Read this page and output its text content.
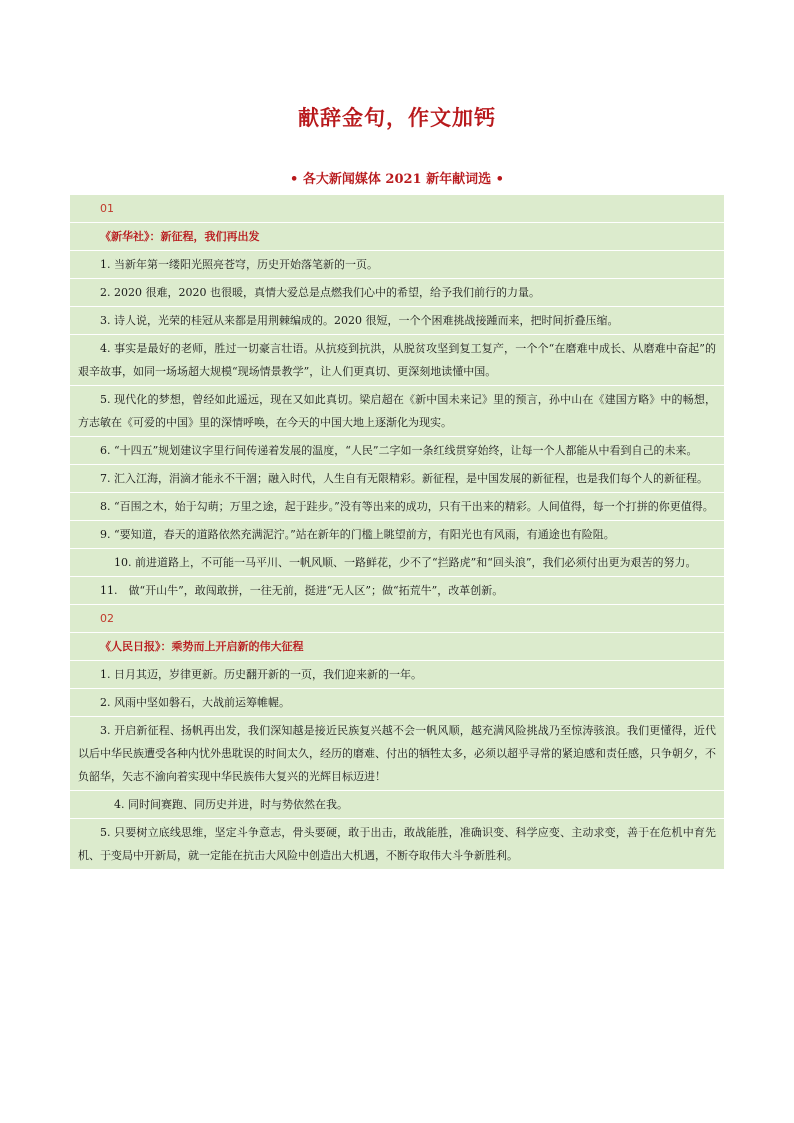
献辞金句，作文加钙
• 各大新闻媒体 2021 新年献词选 •
01
《新华社》：新征程，我们再出发
1. 当新年第一缕阳光照亮苍穹，历史开始落笔新的一页。
2. 2020 很难，2020 也很暖，真情大爱总是点燃我们心中的希望，给予我们前行的力量。
3. 诗人说，光荣的桂冠从来都是用荆棘编成的。2020 很短，一个个困难挑战接踵而来，把时间折叠压缩。
4. 事实是最好的老师，胜过一切豪言壮语。从抗疫到抗洪，从脱贫攻坚到复工复产，一个个“在磨难中成长、从磨难中奋起”的艰辛故事，如同一场场超大规模“现场情景教学”，让人们更真切、更深刻地读懂中国。
5. 现代化的梦想，曾经如此遥远，现在又如此真切。梁启超在《新中国未来记》里的预言，孙中山在《建国方略》中的畅想，方志敏在《可爱的中国》里的深情呼唤，在今天的中国大地上逐渐化为现实。
6. “十四五”规划建议字里行间传递着发展的温度，“人民”二字如一条红线贯穿始终，让每一个人都能从中看到自己的未来。
7. 汇入江海，涓滴才能永不干涸；融入时代，人生自有无限精彩。新征程，是中国发展的新征程，也是我们每个人的新征程。
8. “百围之木，始于勾萌；万里之途，起于跬步。”没有等出来的成功，只有干出来的精彩。人间值得，每一个打拼的你更值得。
9. “要知道，春天的道路依然充满泥泞。”站在新年的门槛上眺望前方，有阳光也有风雨，有通途也有险阻。
10. 前进道路上，不可能一马平川、一帆风顺、一路鲜花，少不了“拦路虎”和“回头浪”，我们必须付出更为艰苦的努力。
11.　做“开山牛”，敢闯敢拼，一往无前，挺进“无人区”；做“拓荒牛”，改革创新。
02
《人民日报》：乘势而上开启新的伟大征程
1. 日月其迈，岁律更新。历史翻开新的一页，我们迎来新的一年。
2. 风雨中坚如磐石，大战前运筹帷幄。
3. 开启新征程、扬帆再出发，我们深知越是接近民族复兴越不会一帆风顺，越充满风险挑战乃至惊涛骇浪。我们更懂得，近代以后中华民族遭受各种内忧外患耽误的时间太久，经历的磨难、付出的牺牲太多，必须以超乎寻常的紧迫感和责任感，只争朝夕，不负韶华，矢志不渝向着实现中华民族伟大复兴的光辉目标迈进！
4. 同时间赛跑、同历史并进，时与势依然在我。
5. 只要树立底线思维，坚定斗争意志，骨头要硬，敢于出击，敢战能胜，准确识变、科学应变、主动求变，善于在危机中育先机、于变局中开新局，就一定能在抗击大风险中创造出大机遇，不断夺取伟大斗争新胜利。
